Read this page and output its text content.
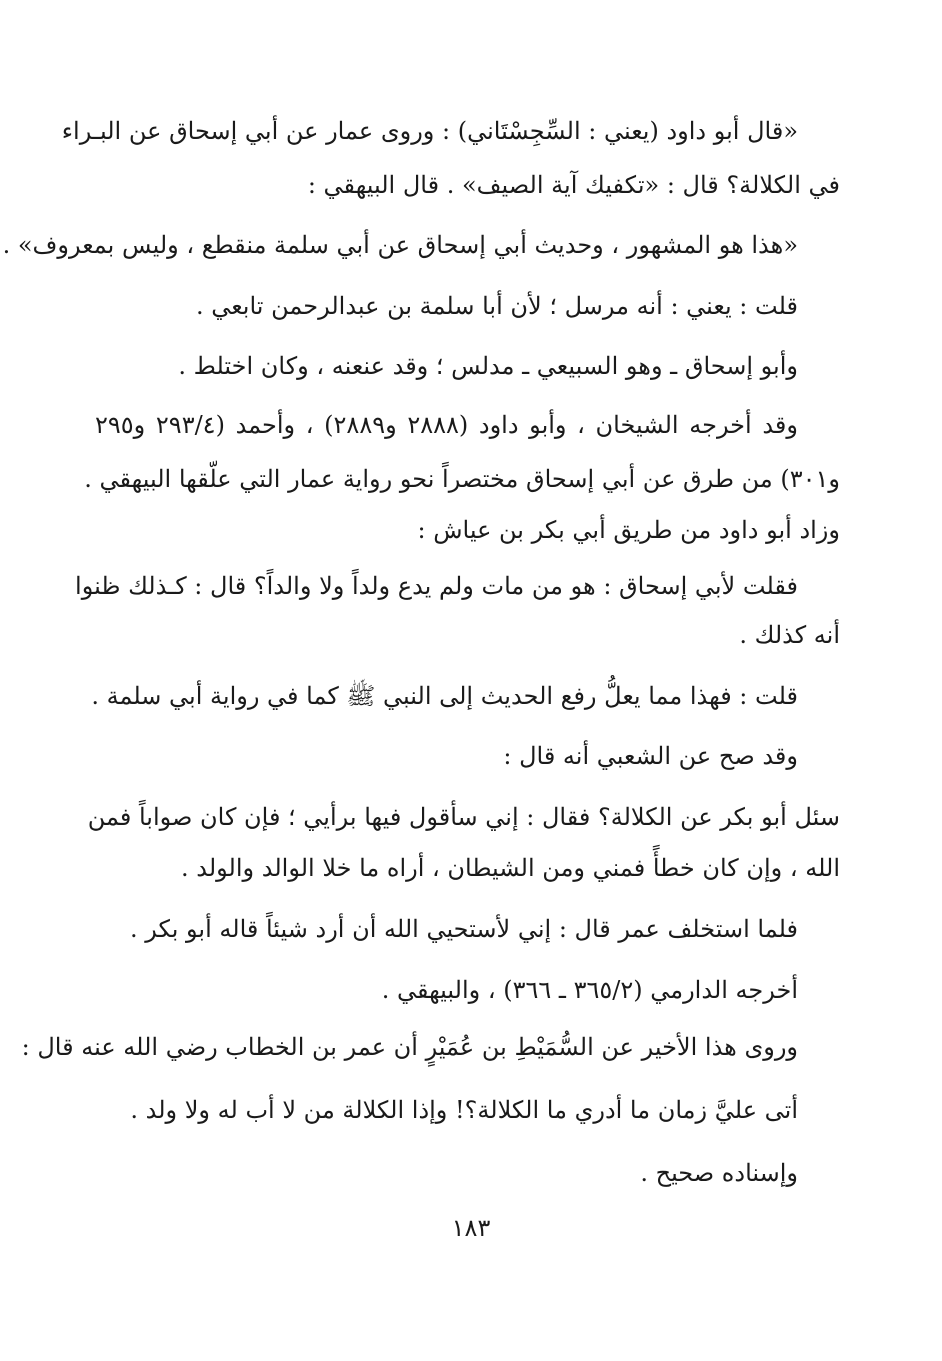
«قال أبو داود (يعني : السِّجِسْتَاني) : وروى عمار عن أبي إسحاق عن البـراء
في الكلالة؟ قال : «تكفيك آية الصيف» . قال البيهقي :
«هذا هو المشهور ، وحديث أبي إسحاق عن أبي سلمة منقطع ، وليس بمعروف» .
قلت : يعني : أنه مرسل ؛ لأن أبا سلمة بن عبدالرحمن تابعي .
وأبو إسحاق ـ وهو السبيعي ـ مدلس ؛ وقد عنعنه ، وكان اختلط .
وقد أخرجه الشيخان ، وأبو داود (٢٨٨٨ و٢٨٨٩) ، وأحمد (٢٩٣/٤ و٢٩٥
و٣٠١) من طرق عن أبي إسحاق مختصراً نحو رواية عمار التي علّقها البيهقي .
وزاد أبو داود من طريق أبي بكر بن عياش :
فقلت لأبي إسحاق : هو من مات ولم يدع ولداً ولا والداً؟ قال : كـذلك ظنوا
أنه كذلك .
قلت : فهذا مما يعلُّ رفع الحديث إلى النبي ﷺ كما في رواية أبي سلمة .
وقد صح عن الشعبي أنه قال :
سئل أبو بكر عن الكلالة؟ فقال : إني سأقول فيها برأيي ؛ فإن كان صواباً فمن
الله ، وإن كان خطأً فمني ومن الشيطان ، أراه ما خلا الوالد والولد .
فلما استخلف عمر قال : إني لأستحيي الله أن أرد شيئاً قاله أبو بكر .
أخرجه الدارمي (٣٦٥/٢ ـ ٣٦٦) ، والبيهقي .
وروى هذا الأخير عن السُّمَيْطِ بن عُمَيْرٍ أن عمر بن الخطاب رضي الله عنه قال :
أتى عليَّ زمان ما أدري ما الكلالة؟! وإذا الكلالة من لا أب له ولا ولد .
وإسناده صحيح .
١٨٣
